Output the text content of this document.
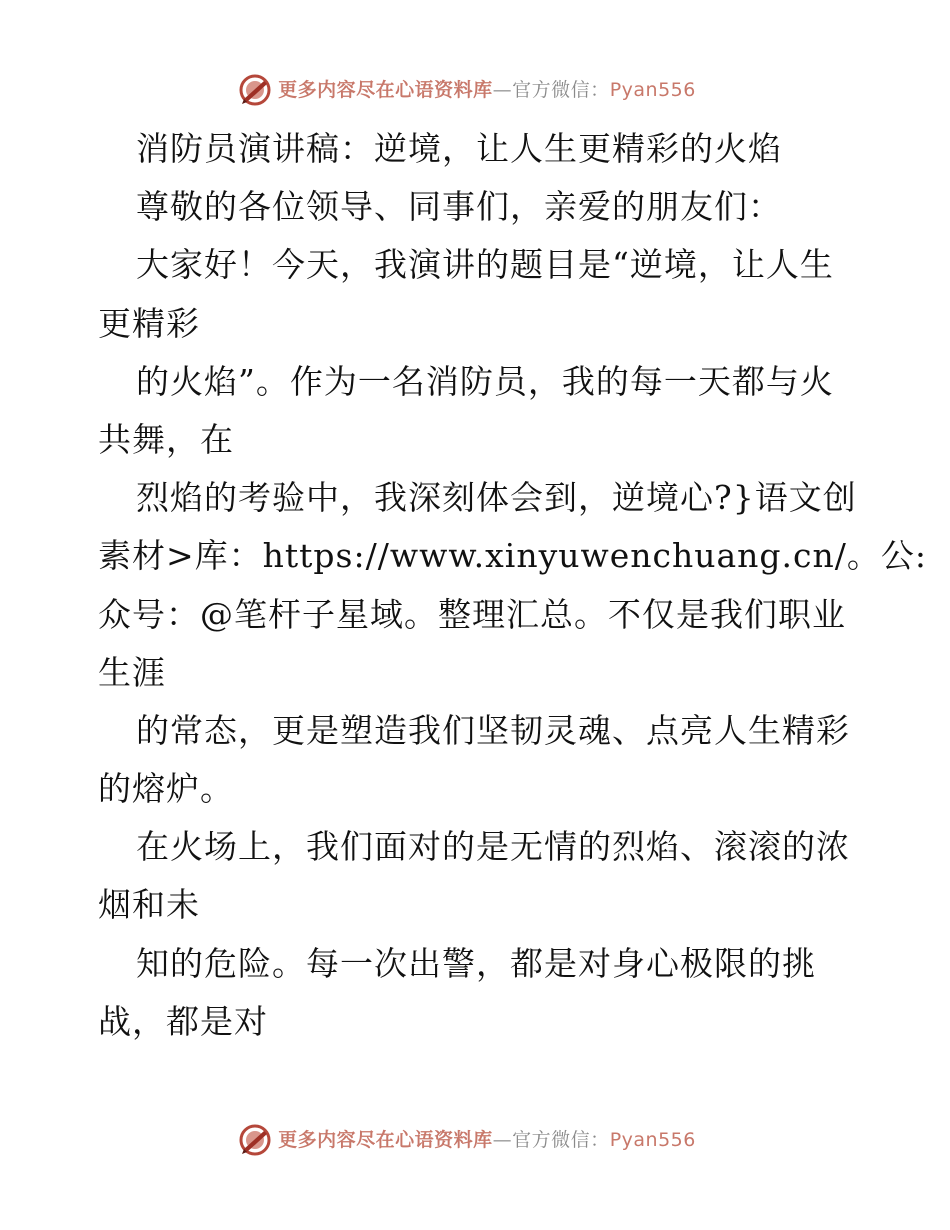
更多内容尽在心语资料库 — 官方微信： Pyan556
消防员演讲稿：逆境，让人生更精彩的火焰
尊敬的各位领导、同事们，亲爱的朋友们：
大家好！今天，我演讲的题目是“逆境，让人生
更精彩
的火焰”。作为一名消防员，我的每一天都与火
共舞，在
烈焰的考验中，我深刻体会到，逆境心?}语文创
素材>库：https://www.xinyuwenchuang.cn/。公:
众号：@笔杆子星域。整理汇总。不仅是我们职业
生涯
的常态，更是塑造我们坚韧灵魂、点亮人生精彩
的熔炉。
在火场上，我们面对的是无情的烈焰、滚滚的浓
烟和未
知的危险。每一次出警，都是对身心极限的挑
战，都是对
更多内容尽在心语资料库 — 官方微信： Pyan556
